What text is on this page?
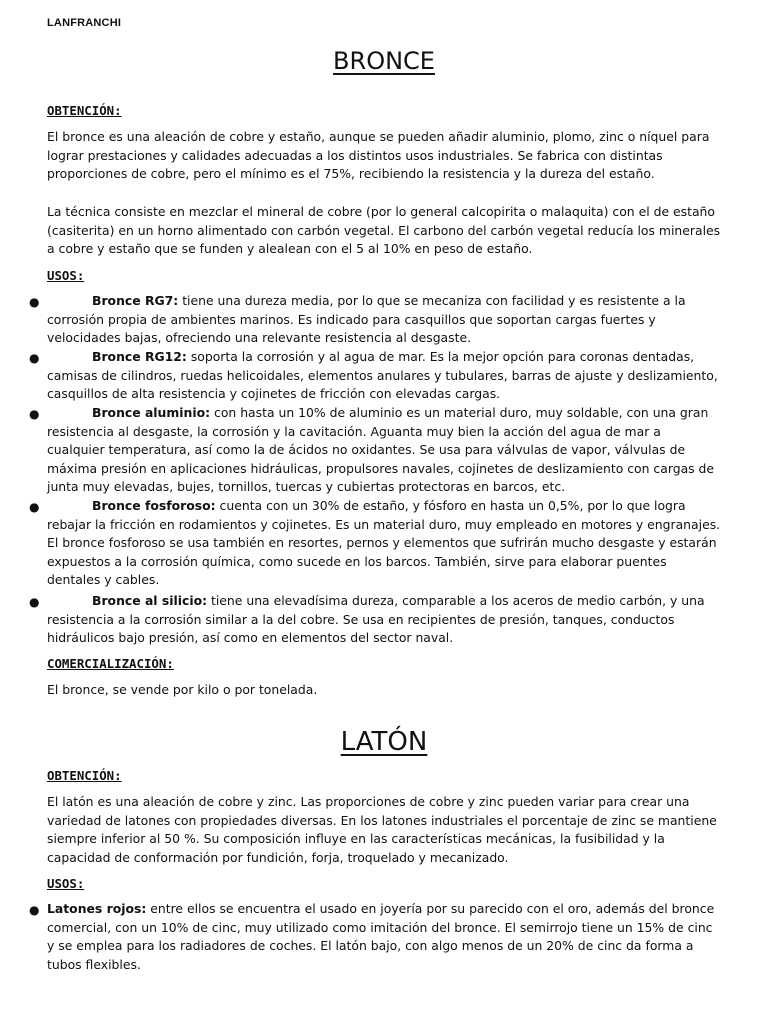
LANFRANCHI
BRONCE
OBTENCIÓN:

El bronce es una aleación de cobre y estaño, aunque se pueden añadir aluminio, plomo, zinc o níquel para lograr prestaciones y calidades adecuadas a los distintos usos industriales. Se fabrica con distintas proporciones de cobre, pero el mínimo es el 75%, recibiendo la resistencia y la dureza del estaño.

La técnica consiste en mezclar el mineral de cobre (por lo general calcopirita o malaquita) con el de estaño (casiterita) en un horno alimentado con carbón vegetal. El carbono del carbón vegetal reducía los minerales a cobre y estaño que se funden y alealean con el 5 al 10% en peso de estaño.

USOS:
●	Bronce RG7: tiene una dureza media, por lo que se mecaniza con facilidad y es resistente a la corrosión propia de ambientes marinos. Es indicado para casquillos que soportan cargas fuertes y velocidades bajas, ofreciendo una relevante resistencia al desgaste.

●	Bronce RG12: soporta la corrosión y al agua de mar. Es la mejor opción para coronas dentadas, camisas de cilindros, ruedas helicoidales, elementos anulares y tubulares, barras de ajuste y deslizamiento, casquillos de alta resistencia y cojinetes de fricción con elevadas cargas.

●	Bronce aluminio: con hasta un 10% de aluminio es un material duro, muy soldable, con una gran resistencia al desgaste, la corrosión y la cavitación. Aguanta muy bien la acción del agua de mar a cualquier temperatura, así como la de ácidos no oxidantes. Se usa para válvulas de vapor, válvulas de máxima presión en aplicaciones hidráulicas, propulsores navales, cojinetes de deslizamiento con cargas de junta muy elevadas, bujes, tornillos, tuercas y cubiertas protectoras en barcos, etc.

●	Bronce fosforoso: cuenta con un 30% de estaño, y fósforo en hasta un 0,5%, por lo que logra rebajar la fricción en rodamientos y cojinetes. Es un material duro, muy empleado en motores y engranajes. El bronce fosforoso se usa también en resortes, pernos y elementos que sufrirán mucho desgaste y estarán expuestos a la corrosión química, como sucede en los barcos. También, sirve para elaborar puentes dentales y cables.

●	Bronce al silicio: tiene una elevadísima dureza, comparable a los aceros de medio carbón, y una resistencia a la corrosión similar a la del cobre. Se usa en recipientes de presión, tanques, conductos hidráulicos bajo presión, así como en elementos del sector naval.

COMERCIALIZACIÓN:

El bronce, se vende por kilo o por tonelada.

LATÓN
OBTENCIÓN:

El latón es una aleación de cobre y zinc. Las proporciones de cobre y zinc pueden variar para crear una variedad de latones con propiedades diversas. En los latones industriales el porcentaje de zinc se mantiene siempre inferior al 50 %. Su composición influye en las características mecánicas, la fusibilidad y la capacidad de conformación por fundición, forja, troquelado y mecanizado.

USOS:
● Latones rojos: entre ellos se encuentra el usado en joyería por su parecido con el oro, además del bronce comercial, con un 10% de cinc, muy utilizado como imitación del bronce. El semirrojo tiene un 15% de cinc y se emplea para los radiadores de coches. El latón bajo, con algo menos de un 20% de cinc da forma a tubos flexibles.
